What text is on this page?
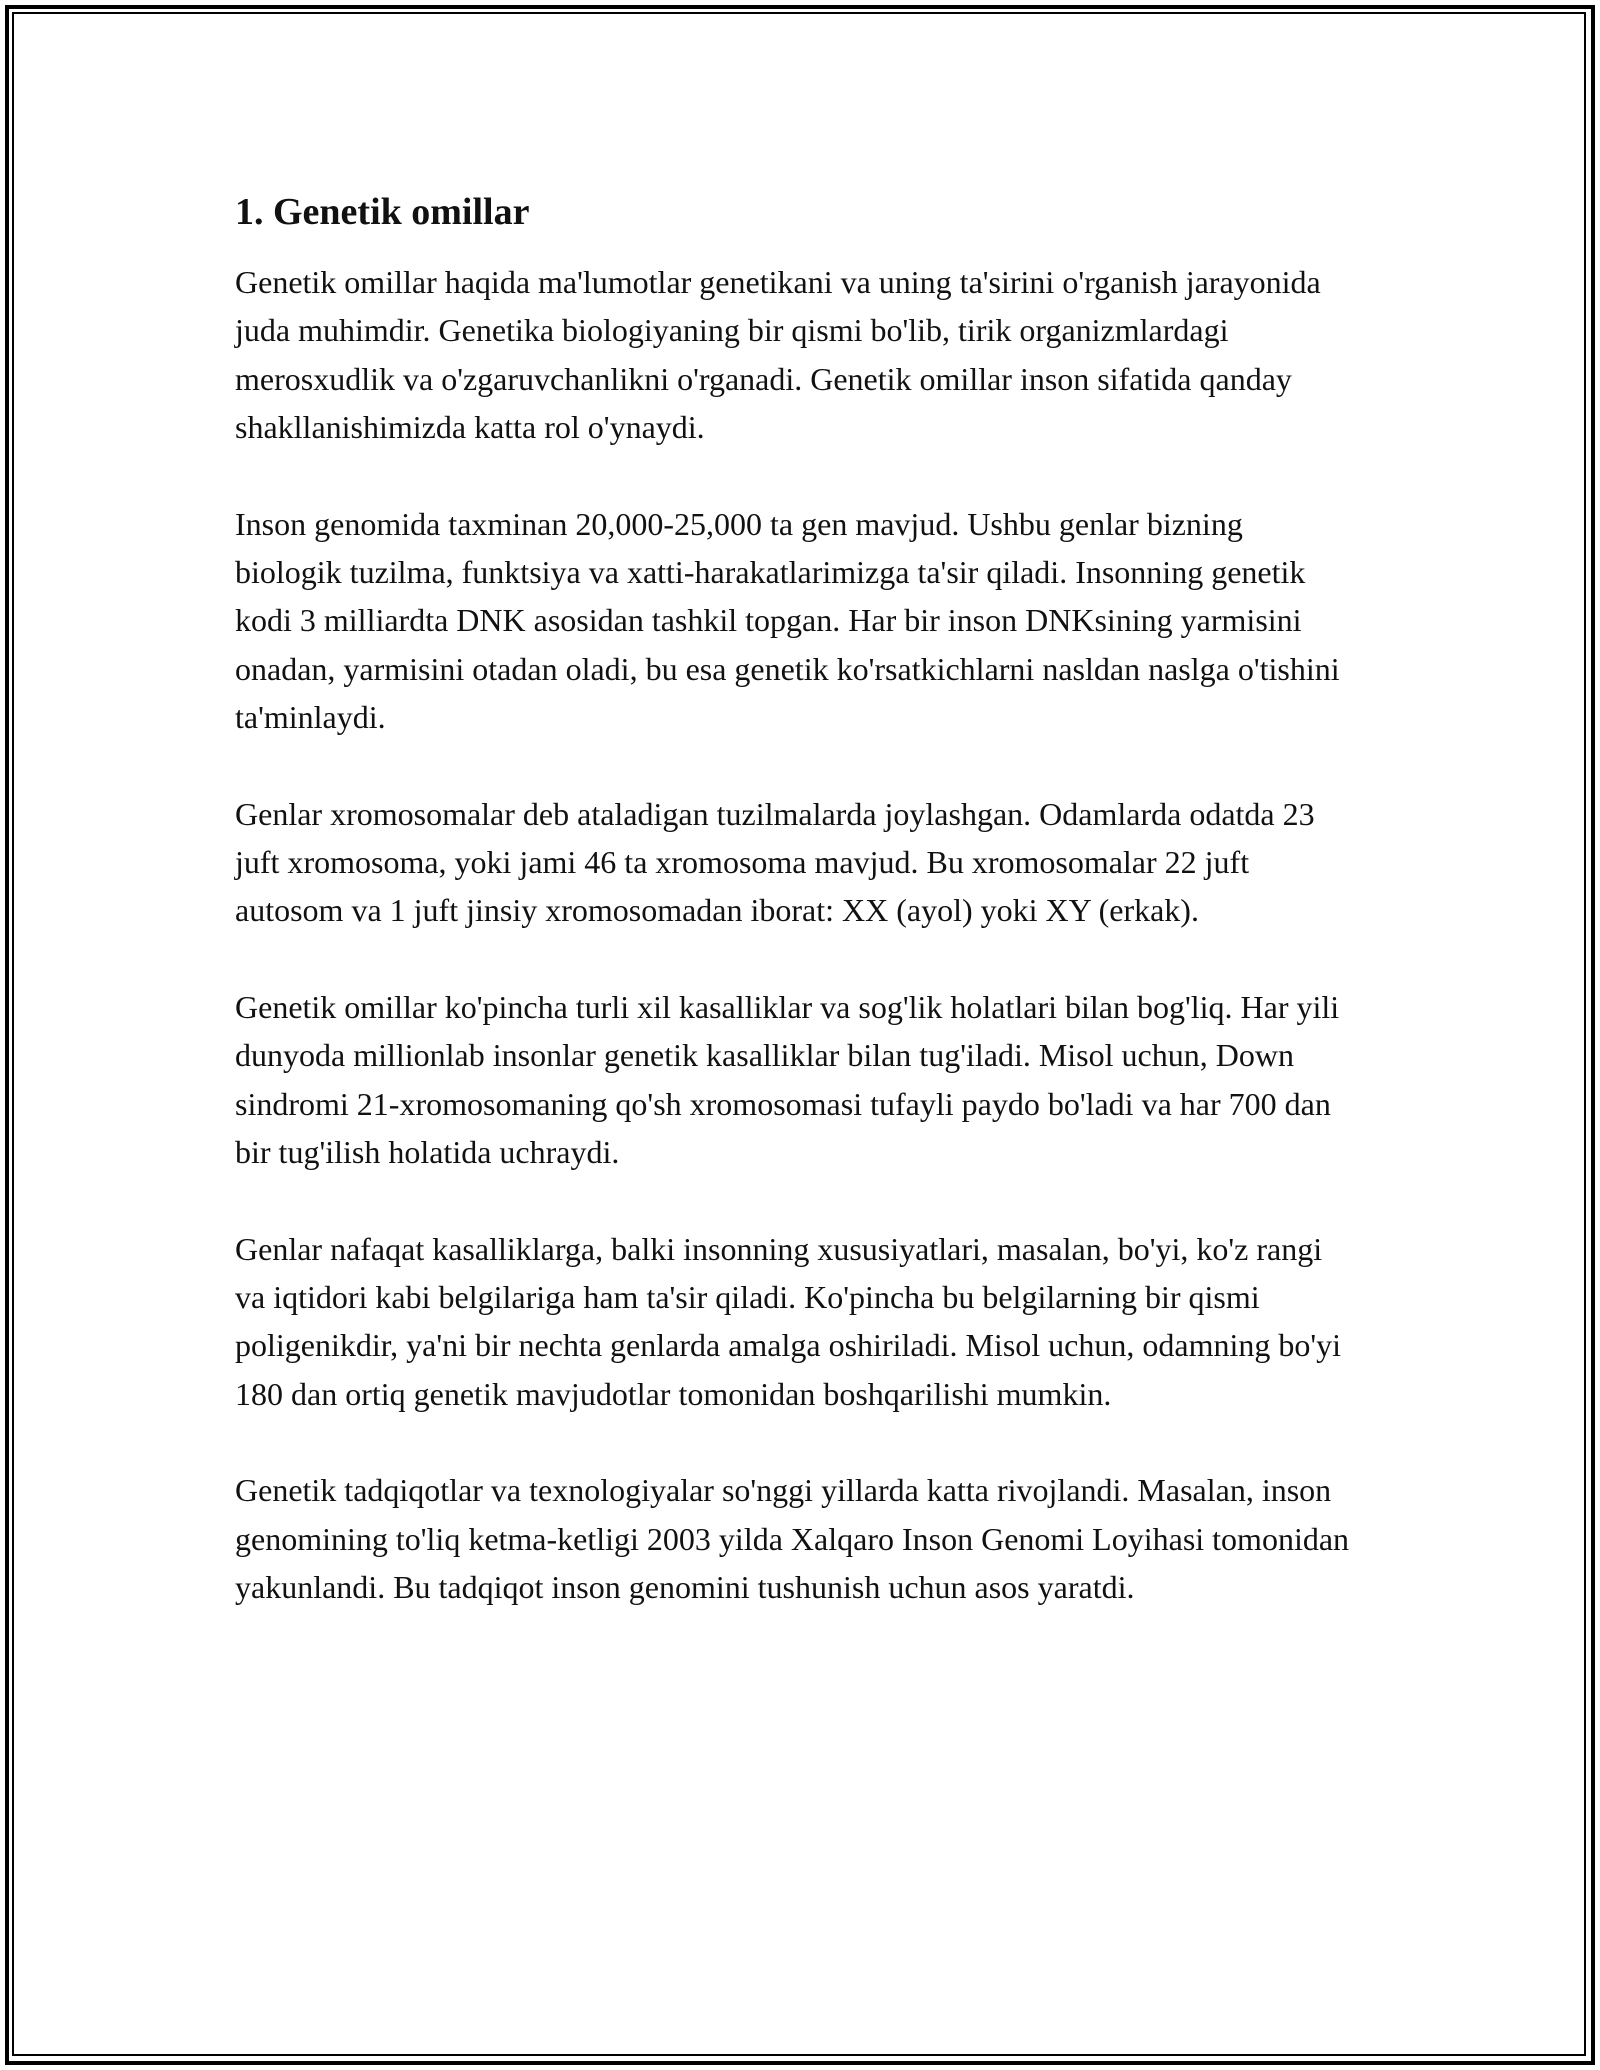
1. Genetik omillar

Genetik omillar haqida ma'lumotlar genetikani va uning ta'sirini o'rganish jarayonida juda muhimdir. Genetika biologiyaning bir qismi bo'lib, tirik organizmlardagi merosxudlik va o'zgaruvchanlikni o'rganadi. Genetik omillar inson sifatida qanday shakllanishimizda katta rol o'ynaydi.

Inson genomida taxminan 20,000-25,000 ta gen mavjud. Ushbu genlar bizning biologik tuzilma, funktsiya va xatti-harakatlarimizga ta'sir qiladi. Insonning genetik kodi 3 milliardta DNK asosidan tashkil topgan. Har bir inson DNKsining yarmisini onadan, yarmisini otadan oladi, bu esa genetik ko'rsatkichlarni nasldan naslga o'tishini ta'minlaydi.

Genlar xromosomalar deb ataladigan tuzilmalarda joylashgan. Odamlarda odatda 23 juft xromosoma, yoki jami 46 ta xromosoma mavjud. Bu xromosomalar 22 juft autosom va 1 juft jinsiy xromosomadan iborat: XX (ayol) yoki XY (erkak).

Genetik omillar ko'pincha turli xil kasalliklar va sog'lik holatlari bilan bog'liq. Har yili dunyoda millionlab insonlar genetik kasalliklar bilan tug'iladi. Misol uchun, Down sindromi 21-xromosomaning qo'sh xromosomasi tufayli paydo bo'ladi va har 700 dan bir tug'ilish holatida uchraydi.

Genlar nafaqat kasalliklarga, balki insonning xususiyatlari, masalan, bo'yi, ko'z rangi va iqtidori kabi belgilariga ham ta'sir qiladi. Ko'pincha bu belgilarning bir qismi poligenikdir, ya'ni bir nechta genlarda amalga oshiriladi. Misol uchun, odamning bo'yi 180 dan ortiq genetik mavjudotlar tomonidan boshqarilishi mumkin.

Genetik tadqiqotlar va texnologiyalar so'nggi yillarda katta rivojlandi. Masalan, inson genomining to'liq ketma-ketligi 2003 yilda Xalqaro Inson Genomi Loyihasi tomonidan yakunlandi. Bu tadqiqot inson genomini tushunish uchun asos yaratdi.
